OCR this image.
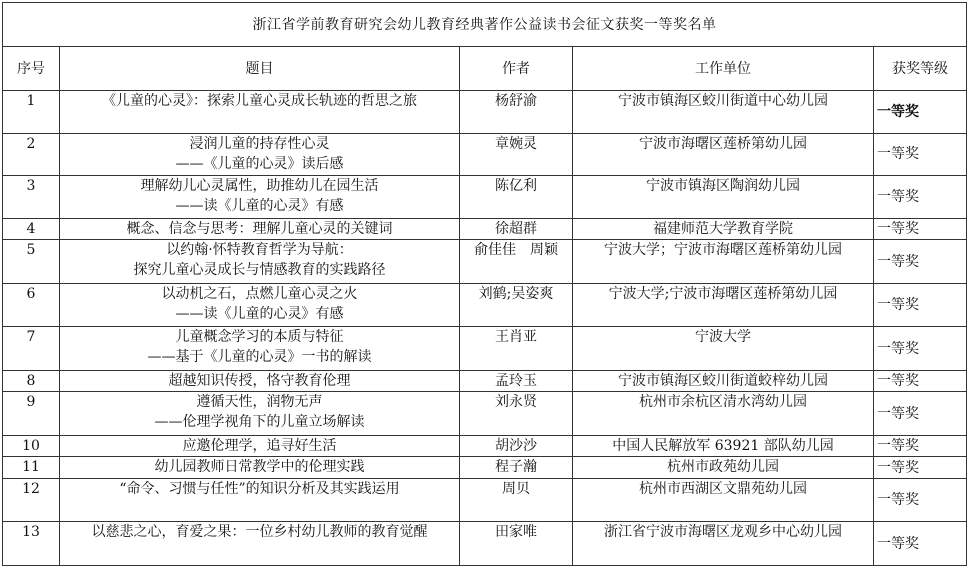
浙江省学前教育研究会幼儿教育经典著作公益读书会征文获奖一等奖名单				
序号	题目	作者	工作单位	获奖等级
1	《儿童的心灵》：探索儿童心灵成长轨迹的哲思之旅	杨舒渝	宁波市镇海区蛟川街道中心幼儿园	一等奖
2	浸润儿童的持存性心灵
——《儿童的心灵》读后感	章婉灵	宁波市海曙区莲桥第幼儿园	一等奖
3	理解幼儿心灵属性，助推幼儿在园生活
——读《儿童的心灵》有感	陈亿利	宁波市镇海区陶润幼儿园	一等奖
4	概念、信念与思考：理解儿童心灵的关键词	徐超群	福建师范大学教育学院	一等奖
5	以约翰·怀特教育哲学为导航：
探究儿童心灵成长与情感教育的实践路径	俞佳佳　周颖	宁波大学；宁波市海曙区莲桥第幼儿园	一等奖
6	以动机之石，点燃儿童心灵之火
——读《儿童的心灵》有感	刘鹤;吴姿爽	宁波大学;宁波市海曙区莲桥第幼儿园	一等奖
7	儿童概念学习的本质与特征
——基于《儿童的心灵》一书的解读	王肖亚	宁波大学	一等奖
8	超越知识传授，恪守教育伦理	孟玲玉	宁波市镇海区蛟川街道蛟梓幼儿园	一等奖
9	遵循天性，润物无声
——伦理学视角下的儿童立场解读	刘永贤	杭州市余杭区清水湾幼儿园	一等奖
10	应邀伦理学，追寻好生活	胡沙沙	中国人民解放军 63921 部队幼儿园	一等奖
11	幼儿园教师日常教学中的伦理实践	程子瀚	杭州市政苑幼儿园	一等奖
12	“命令、习惯与任性”的知识分析及其实践运用	周贝	杭州市西湖区文鼎苑幼儿园	一等奖
13	以慈悲之心，育爱之果：一位乡村幼儿教师的教育觉醒	田家唯	浙江省宁波市海曙区龙观乡中心幼儿园	一等奖
